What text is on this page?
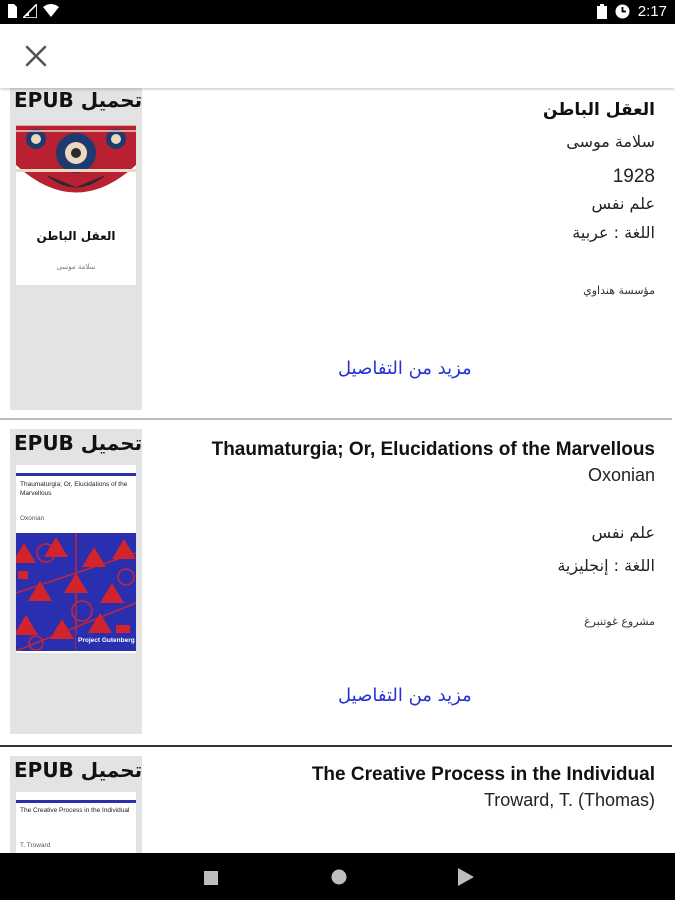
2:17
تحميل EPUB
العقل الباطن
سلامة موسى
العقل الباطن
سلامة موسى
1928
علم نفس
اللغة : عربية
مؤسسة هنداوي
مزيد من التفاصيل
تحميل EPUB
Thaumaturgia; Or, Elucidations of the Marvellous
Oxonian
Project Gutenberg
Thaumaturgia; Or, Elucidations of the Marvellous
Oxonian
علم نفس
اللغة : إنجليزية
مشروع غوتنبرغ
مزيد من التفاصيل
تحميل EPUB
The Creative Process in the Individual
T. Troward
The Creative Process in the Individual
Troward, T. (Thomas)
